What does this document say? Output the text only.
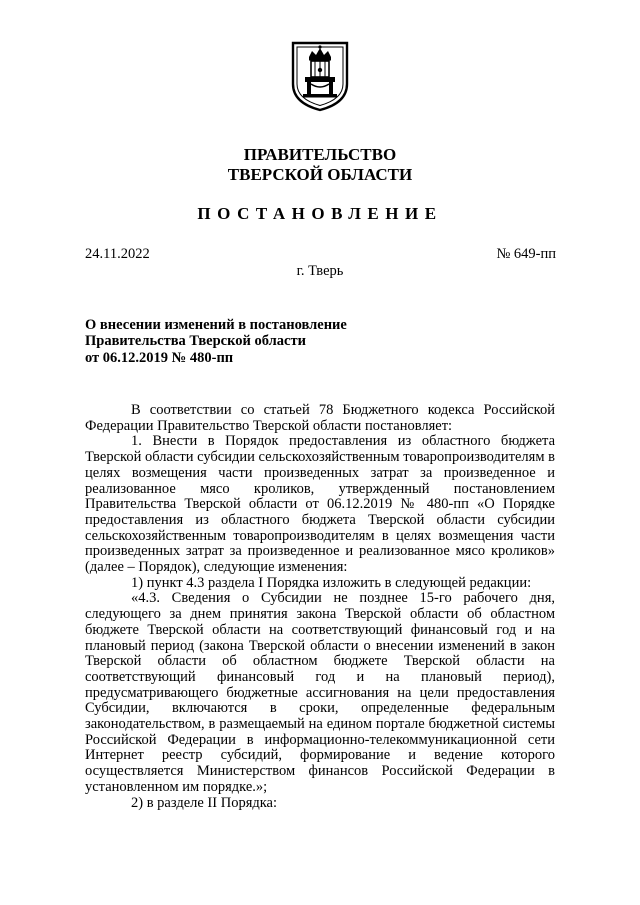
ПРАВИТЕЛЬСТВО
ТВЕРСКОЙ ОБЛАСТИ
ПОСТАНОВЛЕНИЕ
24.11.2022	№ 649-пп
г. Тверь
О внесении изменений в постановление
Правительства Тверской области
от 06.12.2019 № 480-пп

В соответствии со статьей 78 Бюджетного кодекса Российской Федерации Правительство Тверской области постановляет:

1. Внести в Порядок предоставления из областного бюджета Тверской области субсидии сельскохозяйственным товаропроизводителям в целях возмещения части произведенных затрат за произведенное и реализованное мясо кроликов, утвержденный постановлением Правительства Тверской области от 06.12.2019 № 480-пп «О Порядке предоставления из областного бюджета Тверской области субсидии сельскохозяйственным товаропроизводителям в целях возмещения части произведенных затрат за произведенное и реализованное мясо кроликов» (далее – Порядок), следующие изменения:

1) пункт 4.3 раздела I Порядка изложить в следующей редакции:

«4.3. Сведения о Субсидии не позднее 15-го рабочего дня, следующего за днем принятия закона Тверской области об областном бюджете Тверской области на соответствующий финансовый год и на плановый период (закона Тверской области о внесении изменений в закон Тверской области об областном бюджете Тверской области на соответствующий финансовый год и на плановый период), предусматривающего бюджетные ассигнования на цели предоставления Субсидии, включаются в сроки, определенные федеральным законодательством, в размещаемый на едином портале бюджетной системы Российской Федерации в информационно-телекоммуникационной сети Интернет реестр субсидий, формирование и ведение которого осуществляется Министерством финансов Российской Федерации в установленном им порядке.»;

2) в разделе II Порядка:
